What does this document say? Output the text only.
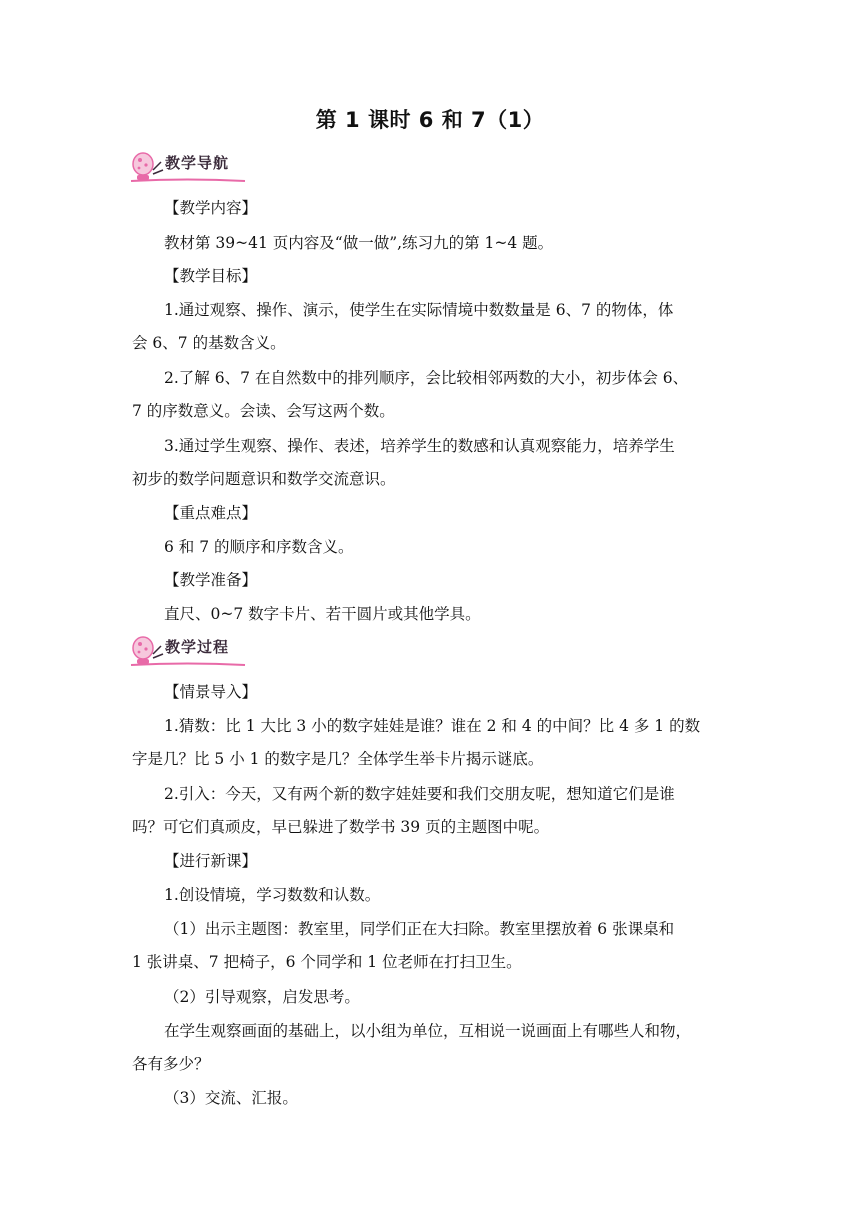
第 1 课时 6 和 7（1）
教学导航
【教学内容】
教材第 39~41 页内容及“做一做”,练习九的第 1~4 题。
【教学目标】
1.通过观察、操作、演示，使学生在实际情境中数数量是 6、7 的物体，体
会 6、7 的基数含义。
2.了解 6、7 在自然数中的排列顺序，会比较相邻两数的大小，初步体会 6、
7 的序数意义。会读、会写这两个数。
3.通过学生观察、操作、表述，培养学生的数感和认真观察能力，培养学生
初步的数学问题意识和数学交流意识。
【重点难点】
6 和 7 的顺序和序数含义。
【教学准备】
直尺、0~7 数字卡片、若干圆片或其他学具。
教学过程
【情景导入】
1.猜数：比 1 大比 3 小的数字娃娃是谁？谁在 2 和 4 的中间？比 4 多 1 的数
字是几？比 5 小 1 的数字是几？全体学生举卡片揭示谜底。
2.引入：今天，又有两个新的数字娃娃要和我们交朋友呢，想知道它们是谁
吗？可它们真顽皮，早已躲进了数学书 39 页的主题图中呢。
【进行新课】
1.创设情境，学习数数和认数。
（1）出示主题图：教室里，同学们正在大扫除。教室里摆放着 6 张课桌和
1 张讲桌、7 把椅子，6 个同学和 1 位老师在打扫卫生。
（2）引导观察，启发思考。
在学生观察画面的基础上，以小组为单位，互相说一说画面上有哪些人和物，
各有多少？
（3）交流、汇报。
